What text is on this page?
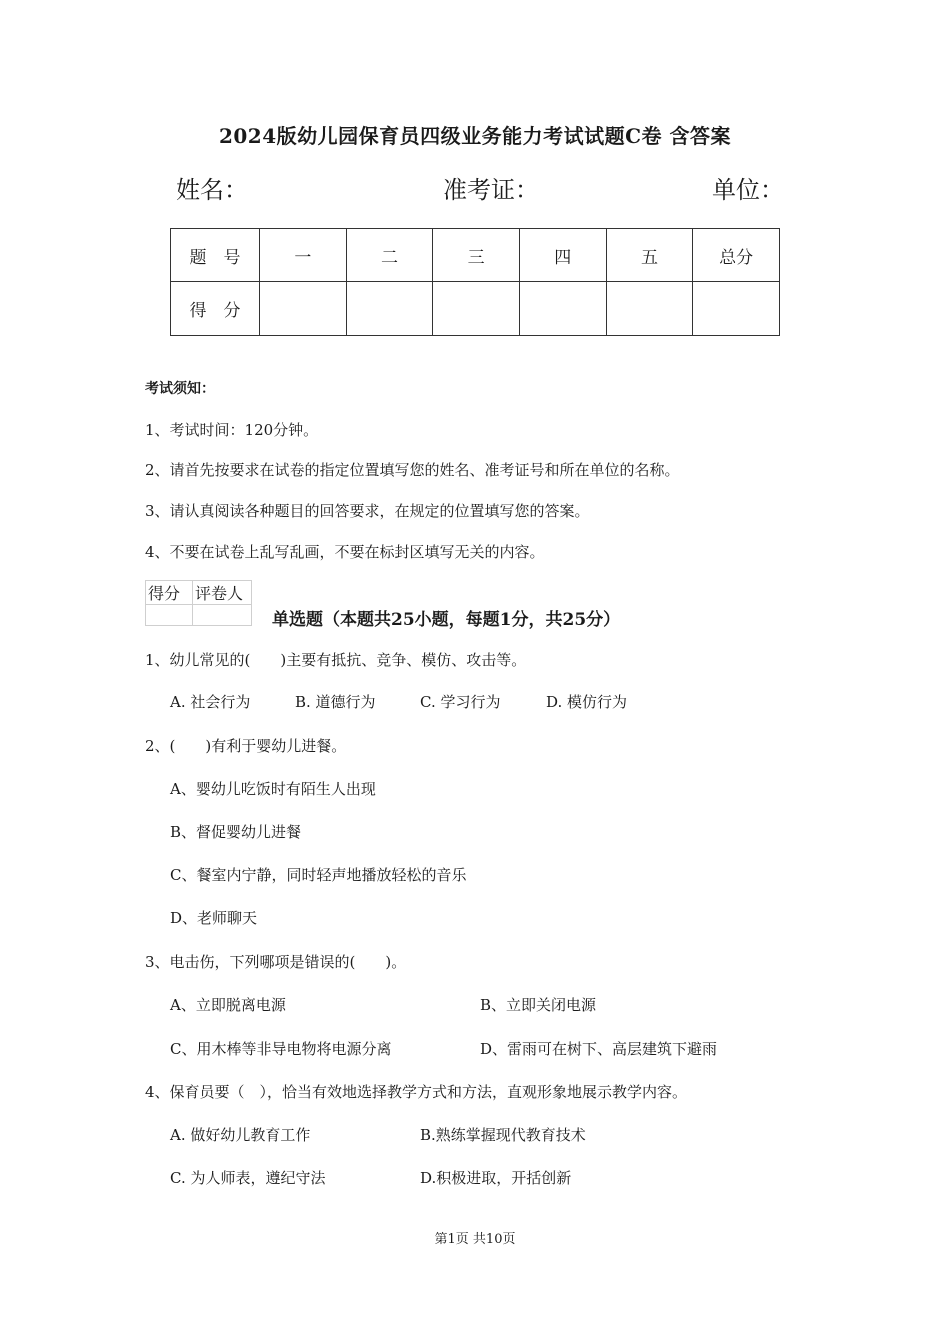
2024版幼儿园保育员四级业务能力考试试题C卷 含答案
姓名：	准考证：	单位：
题　号	一	二	三	四	五	总分
得　分						
考试须知：
1、考试时间：120分钟。
2、请首先按要求在试卷的指定位置填写您的姓名、准考证号和所在单位的名称。
3、请认真阅读各种题目的回答要求，在规定的位置填写您的答案。
4、不要在试卷上乱写乱画，不要在标封区填写无关的内容。
得分	评卷人

单选题（本题共25小题，每题1分，共25分）
1、幼儿常见的(　　)主要有抵抗、竞争、模仿、攻击等。
A. 社会行为	B. 道德行为	C. 学习行为	D. 模仿行为
2、(　　)有利于婴幼儿进餐。
A、婴幼儿吃饭时有陌生人出现
B、督促婴幼儿进餐
C、餐室内宁静，同时轻声地播放轻松的音乐
D、老师聊天
3、电击伤，下列哪项是错误的(　　)。
A、立即脱离电源	B、立即关闭电源
C、用木棒等非导电物将电源分离	D、雷雨可在树下、高层建筑下避雨
4、保育员要（　），恰当有效地选择教学方式和方法，直观形象地展示教学内容。
A. 做好幼儿教育工作	B.熟练掌握现代教育技术
C. 为人师表，遵纪守法	D.积极进取，开括创新
第1页 共10页
